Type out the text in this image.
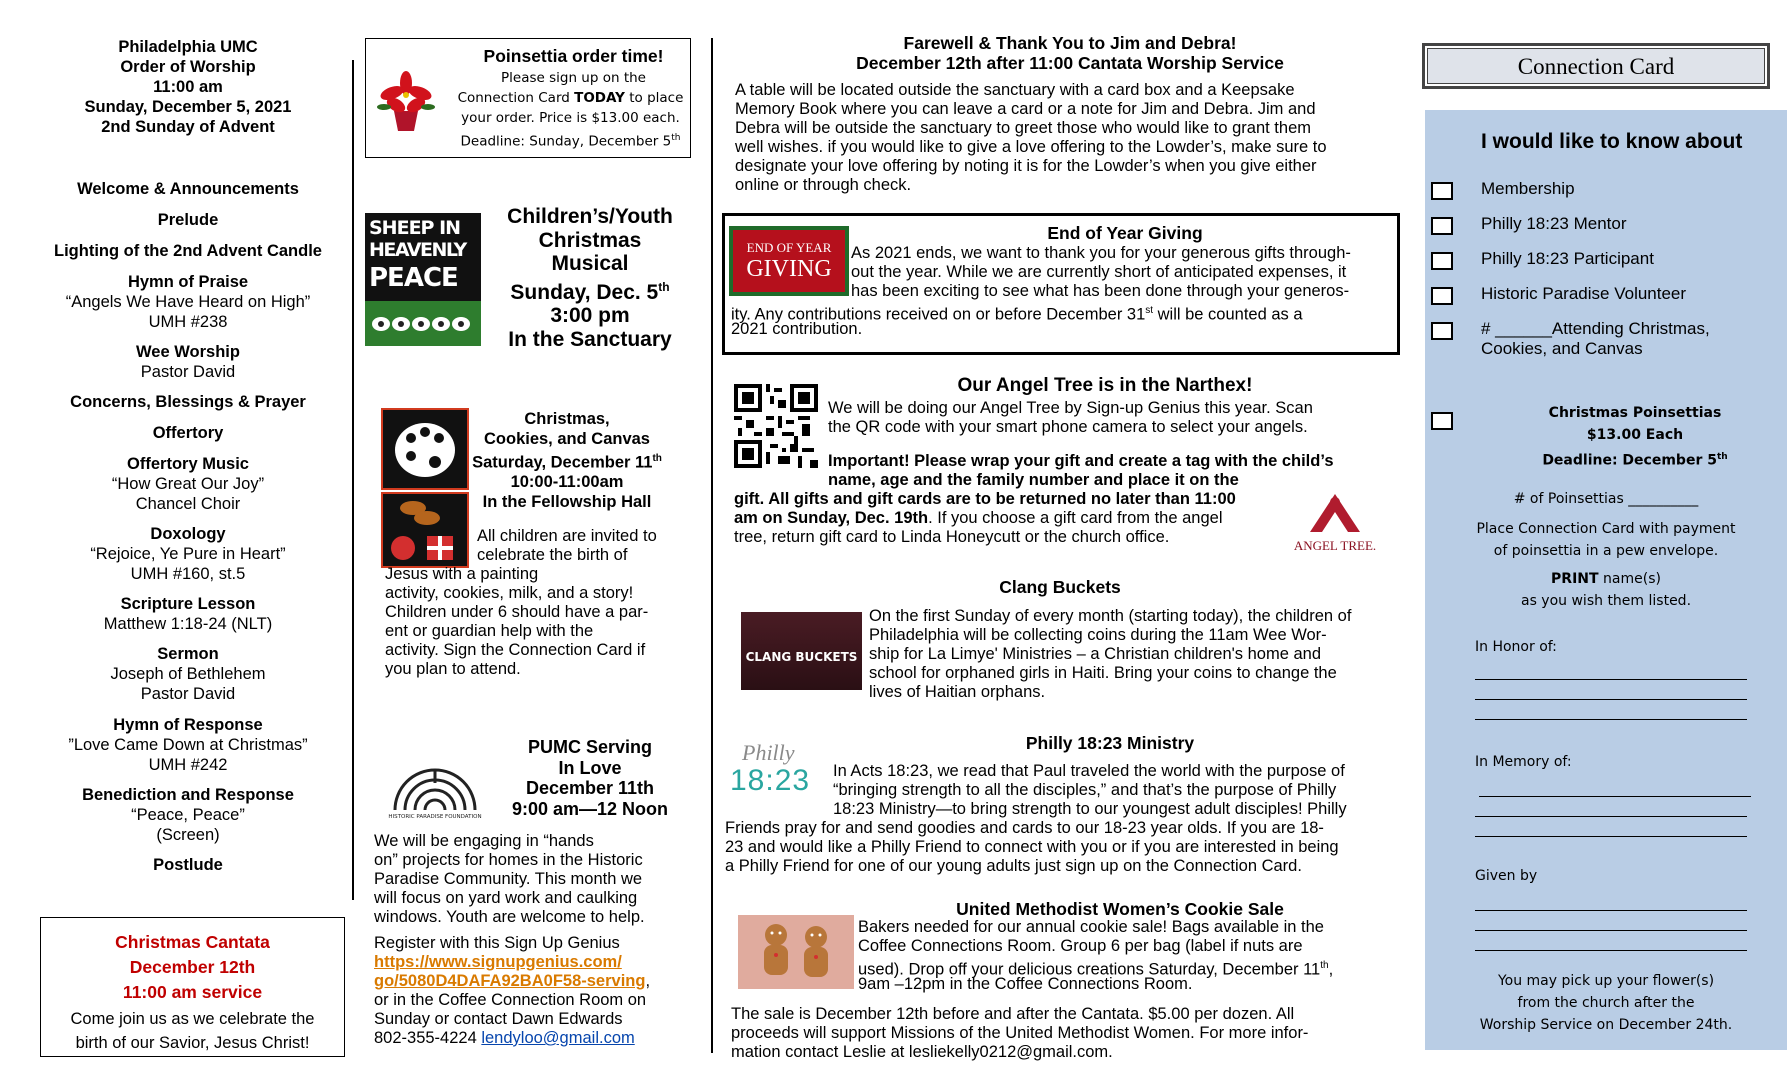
Philadelphia UMC
Order of Worship
11:00 am
Sunday, December 5, 2021
2nd Sunday of Advent
Welcome & Announcements
Prelude
Lighting of the 2nd Advent Candle
Hymn of Praise
“Angels We Have Heard on High”
UMH #238
Wee Worship
Pastor David
Concerns, Blessings & Prayer
Offertory
Offertory Music
“How Great Our Joy”
Chancel Choir
Doxology
“Rejoice, Ye Pure in Heart”
UMH #160, st.5
Scripture Lesson
Matthew 1:18-24 (NLT)
Sermon
Joseph of Bethlehem
Pastor David
Hymn of Response
”Love Came Down at Christmas”
UMH #242
Benediction and Response
“Peace, Peace”
(Screen)
Postlude
Christmas Cantata
December 12th
11:00 am service
Come join us as we celebrate the
birth of our Savior, Jesus Christ!
Poinsettia order time!
Please sign up on the
Connection Card TODAY to place
your order. Price is $13.00 each.
Deadline: Sunday, December 5th
SHEEP IN
HEAVENLY
PEACE
Children’s/Youth
Christmas
Musical
Sunday, Dec. 5th
3:00 pm
In the Sanctuary
Christmas,
Cookies, and Canvas
Saturday, December 11th
10:00-11:00am
In the Fellowship Hall
All children are invited to
celebrate the birth of
Jesus with a painting
activity, cookies, milk, and a story!
Children under 6 should have a par-
ent or guardian help with the
activity. Sign the Connection Card if
you plan to attend.
HISTORIC PARADISE FOUNDATION
PUMC Serving
In Love
December 11th
9:00 am—12 Noon
We will be engaging in “hands
on” projects for homes in the Historic
Paradise Community. This month we
will focus on yard work and caulking
windows. Youth are welcome to help.
Register with this Sign Up Genius
https://www.signupgenius.com/
go/5080D4DAFA92BA0F58-serving,
or in the Coffee Connection Room on
Sunday or contact Dawn Edwards
802-355-4224 lendyloo@gmail.com
Farewell & Thank You to Jim and Debra!
December 12th after 11:00 Cantata Worship Service
A table will be located outside the sanctuary with a card box and a Keepsake
Memory Book where you can leave a card or a note for Jim and Debra. Jim and
Debra will be outside the sanctuary to greet those who would like to grant them
well wishes. if you would like to give a love offering to the Lowder’s, make sure to
designate your love offering by noting it is for the Lowder’s when you give either
online or through check.
END OF YEAR
GIVING
End of Year Giving
As 2021 ends, we want to thank you for your generous gifts through-
out the year. While we are currently short of anticipated expenses, it
has been exciting to see what has been done through your generos-
ity. Any contributions received on or before December 31st will be counted as a
2021 contribution.
Our Angel Tree is in the Narthex!
We will be doing our Angel Tree by Sign-up Genius this year. Scan
the QR code with your smart phone camera to select your angels.
Important! Please wrap your gift and create a tag with the child’s
name, age and the family number and place it on the
gift. All gifts and gift cards are to be returned no later than 11:00
am on Sunday, Dec. 19th. If you choose a gift card from the angel
tree, return gift card to Linda Honeycutt or the church office.	ANGEL TREE.
Clang Buckets
CLANG BUCKETS
On the first Sunday of every month (starting today), the children of
Philadelphia will be collecting coins during the 11am Wee Wor-
ship for La Limye' Ministries – a Christian children's home and
school for orphaned girls in Haiti. Bring your coins to change the
lives of Haitian orphans.
Philly 18:23 Ministry
Philly
18:23 In Acts 18:23, we read that Paul traveled the world with the purpose of
“bringing strength to all the disciples,” and that’s the purpose of Philly
18:23 Ministry—to bring strength to our youngest adult disciples! Philly
Friends pray for and send goodies and cards to our 18-23 year olds. If you are 18-
23 and would like a Philly Friend to connect with you or if you are interested in being
a Philly Friend for one of our young adults just sign up on the Connection Card.
United Methodist Women’s Cookie Sale
Bakers needed for our annual cookie sale! Bags available in the
Coffee Connections Room. Group 6 per bag (label if nuts are
used). Drop off your delicious creations Saturday, December 11th,
9am –12pm in the Coffee Connections Room.
The sale is December 12th before and after the Cantata. $5.00 per dozen. All
proceeds will support Missions of the United Methodist Women. For more infor-
mation contact Leslie at lesliekelly0212@gmail.com.
Connection Card
I would like to know about
Membership
Philly 18:23 Mentor
Philly 18:23 Participant
Historic Paradise Volunteer
# ______Attending Christmas,
Cookies, and Canvas
Christmas Poinsettias
$13.00 Each
Deadline: December 5th
# of Poinsettias __________
Place Connection Card with payment
of poinsettia in a pew envelope.
PRINT name(s)
as you wish them listed.
In Honor of:
In Memory of:
Given by
You may pick up your flower(s)
from the church after the
Worship Service on December 24th.
